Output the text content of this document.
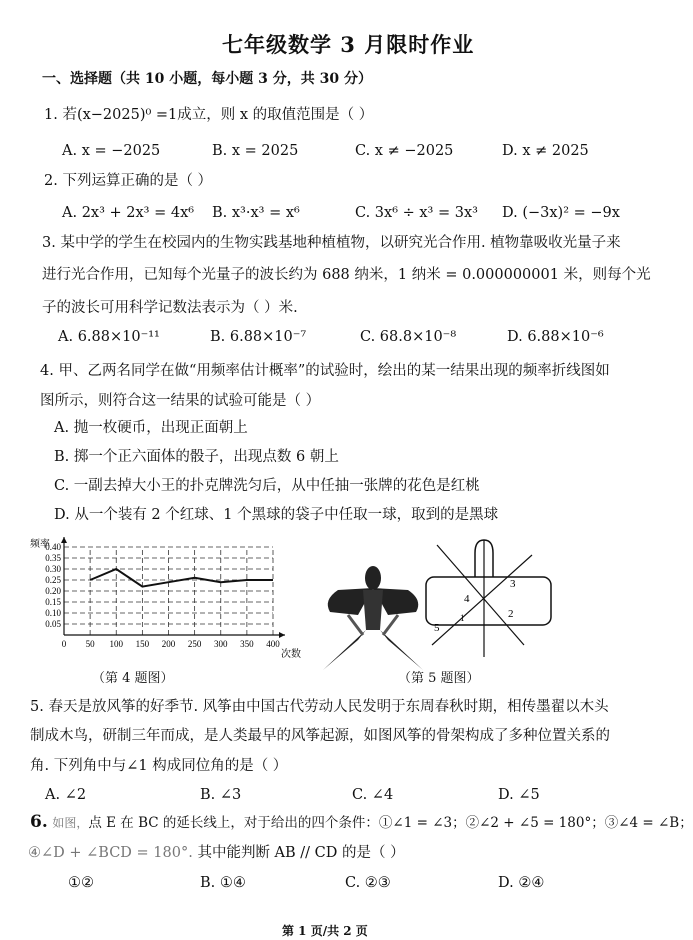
七年级数学 3 月限时作业
一、选择题（共 10 小题，每小题 3 分，共 30 分）
1. 若(x−2025)⁰ =1成立，则 x 的取值范围是（ ）
A. x = −2025	B. x = 2025	C. x ≠ −2025	D. x ≠ 2025
2. 下列运算正确的是（ ）
A. 2x³ + 2x³ = 4x⁶ B. x³·x³ = x⁶	C. 3x⁶ ÷ x³ = 3x³ D. (−3x)² = −9x
3. 某中学的学生在校园内的生物实践基地种植植物，以研究光合作用. 植物靠吸收光量子来
进行光合作用，已知每个光量子的波长约为 688 纳米，1 纳米 = 0.000000001 米，则每个光
子的波长可用科学记数法表示为（ ）米.
A. 6.88×10⁻¹¹	B. 6.88×10⁻⁷	C. 68.8×10⁻⁸	D. 6.88×10⁻⁶
4. 甲、乙两名同学在做“用频率估计概率”的试验时，绘出的某一结果出现的频率折线图如
图所示，则符合这一结果的试验可能是（ ）
A. 抛一枚硬币，出现正面朝上
B. 掷一个正六面体的骰子，出现点数 6 朝上
C. 一副去掉大小王的扑克牌洗匀后，从中任抽一张牌的花色是红桃
D. 从一个装有 2 个红球、1 个黑球的袋子中任取一球，取到的是黑球
0.05
0.10
0.15
0.20
0.25
0.30
0.35
0.40
0 50 100 150 200 250 300 350 400
次数
频率
（第 4 题图）
3
4
2
1
5
（第 5 题图）
5. 春天是放风筝的好季节. 风筝由中国古代劳动人民发明于东周春秋时期，相传墨翟以木头
制成木鸟，研制三年而成，是人类最早的风筝起源，如图风筝的骨架构成了多种位置关系的
角. 下列角中与∠1 构成同位角的是（ ）
A. ∠2	B. ∠3	C. ∠4	D. ∠5
6. 如图，点 E 在 BC 的延长线上，对于给出的四个条件：①∠1 = ∠3；②∠2 + ∠5 = 180°；③∠4 = ∠B；
④∠D + ∠BCD = 180°. 其中能判断 AB // CD 的是（ ）
①②	B. ①④	C. ②③	D. ②④
第 1 页/共 2 页
